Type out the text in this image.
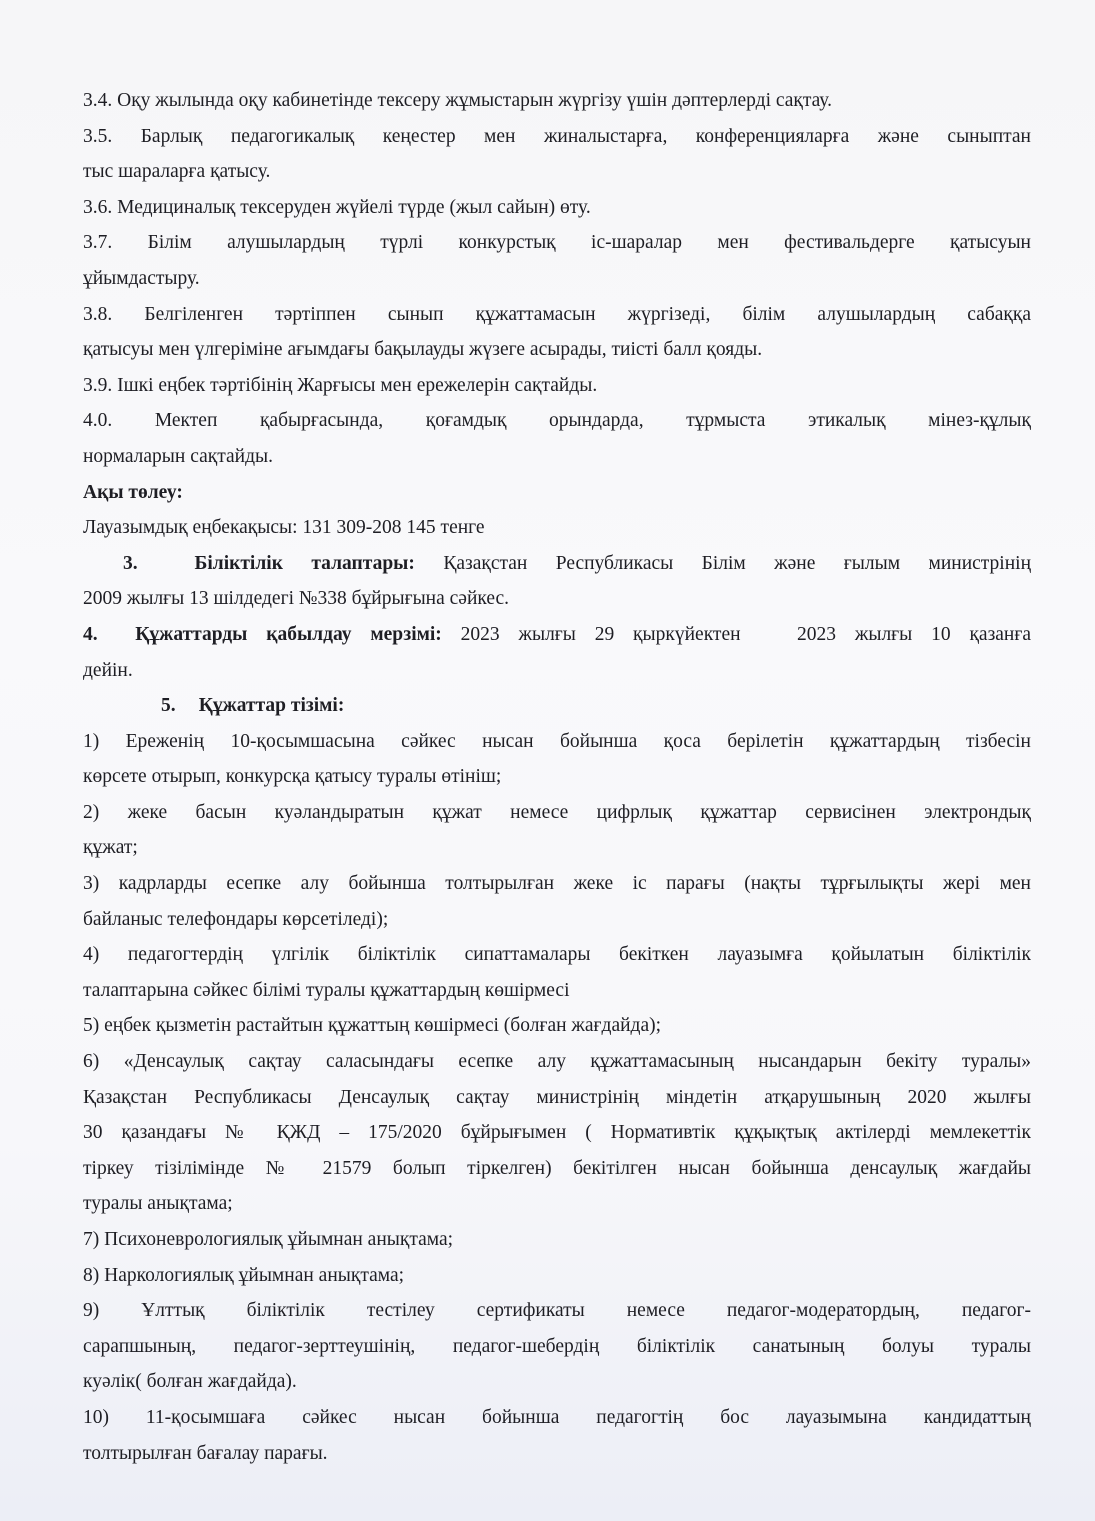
3.4. Оқу жылында оқу кабинетінде тексеру жұмыстарын жүргізу үшін дәптерлерді сақтау.
3.5. Барлық педагогикалық кеңестер мен жиналыстарға, конференцияларға және сыныптан
тыс шараларға қатысу.
3.6. Медициналық тексеруден жүйелі түрде (жыл сайын) өту.
3.7. Білім алушылардың түрлі конкурстық іс-шаралар мен фестивальдерге қатысуын
ұйымдастыру.
3.8. Белгіленген тәртіппен сынып құжаттамасын жүргізеді, білім алушылардың сабаққа
қатысуы мен үлгеріміне ағымдағы бақылауды жүзеге асырады, тиісті балл қояды.
3.9. Ішкі еңбек тәртібінің Жарғысы мен ережелерін сақтайды.
4.0. Мектеп қабырғасында, қоғамдық орындарда, тұрмыста этикалық мінез-құлық
нормаларын сақтайды.
Ақы төлеу:
Лауазымдық еңбекақысы: 131 309-208 145 тенге
3.	Біліктілік талаптары: Қазақстан Республикасы Білім және ғылым министрінің
2009 жылғы 13 шілдедегі №338 бұйрығына сәйкес.
4. Құжаттарды қабылдау мерзімі: 2023 жылғы 29 қыркүйектен   2023 жылғы 10 қазанға
дейін.
5. Құжаттар тізімі:
1) Ереженің 10-қосымшасына сәйкес нысан бойынша қоса берілетін құжаттардың тізбесін
көрсете отырып, конкурсқа қатысу туралы өтініш;
2) жеке басын куәландыратын құжат немесе цифрлық құжаттар сервисінен электрондық
құжат;
3) кадрларды есепке алу бойынша толтырылған жеке іс парағы (нақты тұрғылықты жері мен
байланыс телефондары көрсетіледі);
4) педагогтердің үлгілік біліктілік сипаттамалары бекіткен лауазымға қойылатын біліктілік
талаптарына сәйкес білімі туралы құжаттардың көшірмесі
5) еңбек қызметін растайтын құжаттың көшірмесі (болған жағдайда);
6) «Денсаулық сақтау саласындағы есепке алу құжаттамасының нысандарын бекіту туралы»
Қазақстан Республикасы Денсаулық сақтау министрінің міндетін атқарушының 2020 жылғы
30 қазандағы № ҚЖД – 175/2020 бұйрығымен ( Нормативтік құқықтық актілерді мемлекеттік
тіркеу тізілімінде № 21579 болып тіркелген) бекітілген нысан бойынша денсаулық жағдайы
туралы анықтама;
7) Психоневрологиялық ұйымнан анықтама;
8) Наркологиялық ұйымнан анықтама;
9) Ұлттық біліктілік тестілеу сертификаты немесе педагог-модератордың, педагог-
сарапшының, педагог-зерттеушінің, педагог-шебердің біліктілік санатының болуы туралы
куәлік( болған жағдайда).
10) 11-қосымшаға сәйкес нысан бойынша педагогтің бос лауазымына кандидаттың
толтырылған бағалау парағы.
